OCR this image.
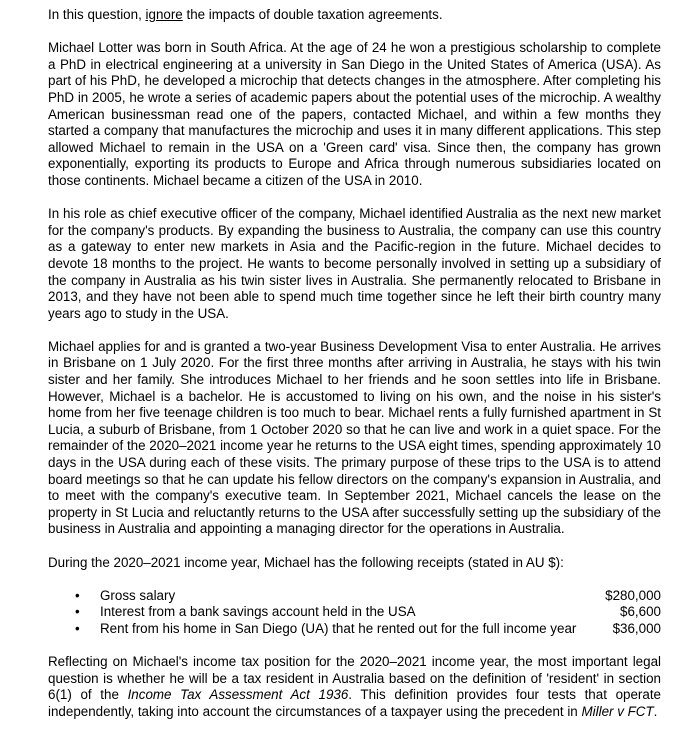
In this question, ignore the impacts of double taxation agreements.

Michael Lotter was born in South Africa. At the age of 24 he won a prestigious scholarship to complete a PhD in electrical engineering at a university in San Diego in the United States of America (USA). As part of his PhD, he developed a microchip that detects changes in the atmosphere. After completing his PhD in 2005, he wrote a series of academic papers about the potential uses of the microchip. A wealthy American businessman read one of the papers, contacted Michael, and within a few months they started a company that manufactures the microchip and uses it in many different applications. This step allowed Michael to remain in the USA on a 'Green card' visa. Since then, the company has grown exponentially, exporting its products to Europe and Africa through numerous subsidiaries located on those continents. Michael became a citizen of the USA in 2010.

In his role as chief executive officer of the company, Michael identified Australia as the next new market for the company's products. By expanding the business to Australia, the company can use this country as a gateway to enter new markets in Asia and the Pacific-region in the future. Michael decides to devote 18 months to the project. He wants to become personally involved in setting up a subsidiary of the company in Australia as his twin sister lives in Australia. She permanently relocated to Brisbane in 2013, and they have not been able to spend much time together since he left their birth country many years ago to study in the USA.

Michael applies for and is granted a two-year Business Development Visa to enter Australia. He arrives in Brisbane on 1 July 2020. For the first three months after arriving in Australia, he stays with his twin sister and her family. She introduces Michael to her friends and he soon settles into life in Brisbane. However, Michael is a bachelor. He is accustomed to living on his own, and the noise in his sister's home from her five teenage children is too much to bear. Michael rents a fully furnished apartment in St Lucia, a suburb of Brisbane, from 1 October 2020 so that he can live and work in a quiet space. For the remainder of the 2020–2021 income year he returns to the USA eight times, spending approximately 10 days in the USA during each of these visits. The primary purpose of these trips to the USA is to attend board meetings so that he can update his fellow directors on the company's expansion in Australia, and to meet with the company's executive team. In September 2021, Michael cancels the lease on the property in St Lucia and reluctantly returns to the USA after successfully setting up the subsidiary of the business in Australia and appointing a managing director for the operations in Australia.

During the 2020–2021 income year, Michael has the following receipts (stated in AU $):

•	Gross salary	$280,000
•	Interest from a bank savings account held in the USA	$6,600
•	Rent from his home in San Diego (UA) that he rented out for the full income year	$36,000

Reflecting on Michael's income tax position for the 2020–2021 income year, the most important legal question is whether he will be a tax resident in Australia based on the definition of 'resident' in section 6(1) of the Income Tax Assessment Act 1936. This definition provides four tests that operate independently, taking into account the circumstances of a taxpayer using the precedent in Miller v FCT.
